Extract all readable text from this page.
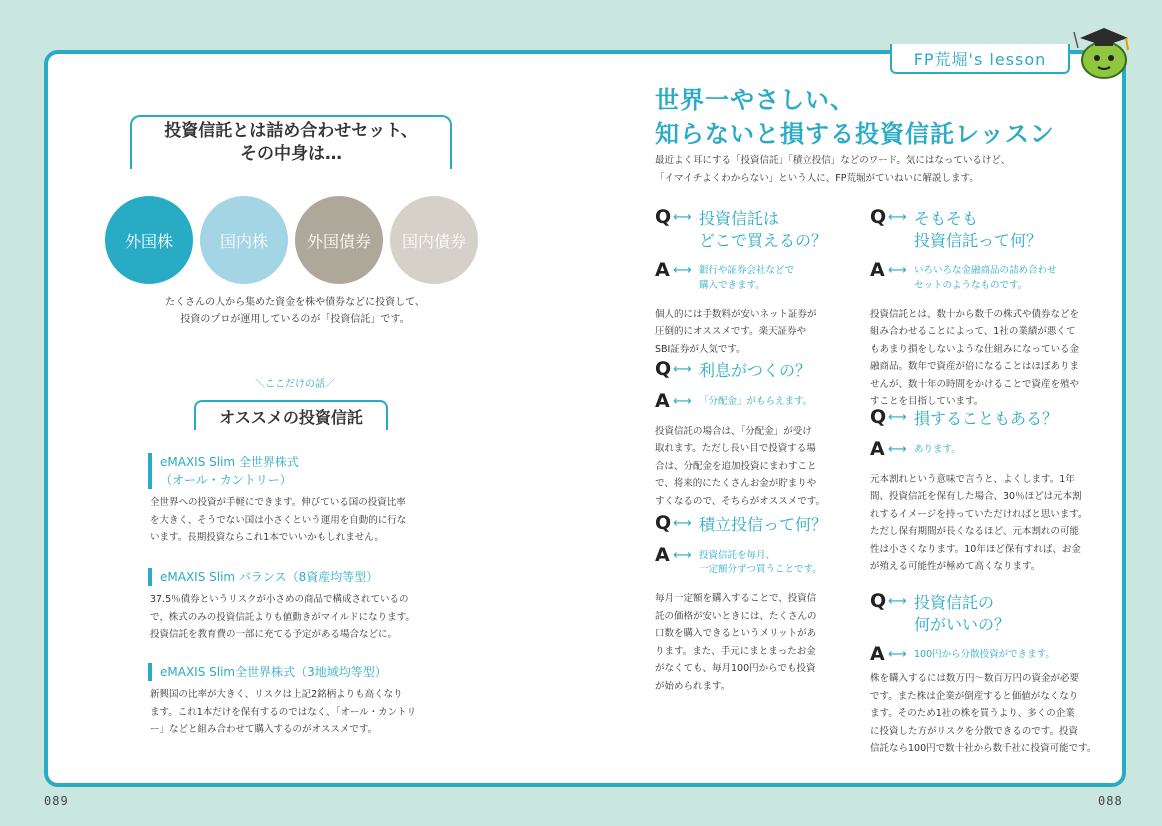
FP荒堀's lesson
投資信託とは詰め合わせセット、
その中身は…
外国株	国内株	外国債券	国内債券
たくさんの人から集めた資金を株や債券などに投資して、
投資のプロが運用しているのが「投資信託」です。
＼ここだけの話／
オススメの投資信託
eMAXIS Slim 全世界株式
（オール・カントリー）
全世界への投資が手軽にできます。伸びている国の投資比率
を大きく、そうでない国は小さくという運用を自動的に行な
います。長期投資ならこれ1本でいいかもしれません。
eMAXIS Slim バランス（8資産均等型）
37.5％債券というリスクが小さめの商品で構成されているの
で、株式のみの投資信託よりも値動きがマイルドになります。
投資信託を教育費の一部に充てる予定がある場合などに。
eMAXIS Slim全世界株式（3地域均等型）
新興国の比率が大きく、リスクは上記2銘柄よりも高くなり
ます。これ1本だけを保有するのではなく、「オール・カントリ
ー」などと組み合わせて購入するのがオススメです。
089
世界一やさしい、
知らないと損する投資信託レッスン
最近よく耳にする「投資信託」「積立投信」などのワード。気にはなっているけど、
「イマイチよくわからない」という人に、FP荒堀がていねいに解説します。
Q ⟷ 投資信託は
どこで買えるの？
A ⟷ 銀行や証券会社などで
購入できます。
個人的には手数料が安いネット証券が
圧倒的にオススメです。楽天証券や
SBI証券が人気です。
Q ⟷ 利息がつくの？
A ⟷ 「分配金」がもらえます。
投資信託の場合は、「分配金」が受け
取れます。ただし長い目で投資する場
合は、分配金を追加投資にまわすこと
で、将来的にたくさんお金が貯まりや
すくなるので、そちらがオススメです。
Q ⟷ 積立投信って何？
A ⟷ 投資信託を毎月、
一定額分ずつ買うことです。
毎月一定額を購入することで、投資信
託の価格が安いときには、たくさんの
口数を購入できるというメリットがあ
ります。また、手元にまとまったお金
がなくても、毎月100円からでも投資
が始められます。
Q ⟷ そもそも
投資信託って何？
A ⟷ いろいろな金融商品の詰め合わせ
セットのようなものです。
投資信託とは、数十から数千の株式や債券などを
組み合わせることによって、1社の業績が悪くて
もあまり損をしないような仕組みになっている金
融商品。数年で資産が倍になることはほぼありま
せんが、数十年の時間をかけることで資産を殖や
すことを目指しています。
Q ⟷ 損することもある？
A ⟷ あります。
元本割れという意味で言うと、よくします。1年
間、投資信託を保有した場合、30％ほどは元本割
れするイメージを持っていただければと思います。
ただし保有期間が長くなるほど、元本割れの可能
性は小さくなります。10年ほど保有すれば、お金
が殖える可能性が極めて高くなります。
Q ⟷ 投資信託の
何がいいの？
A ⟷ 100円から分散投資ができます。
株を購入するには数万円〜数百万円の資金が必要
です。また株は企業が倒産すると価値がなくなり
ます。そのため1社の株を買うより、多くの企業
に投資した方がリスクを分散できるのです。投資
信託なら100円で数十社から数千社に投資可能です。
088
